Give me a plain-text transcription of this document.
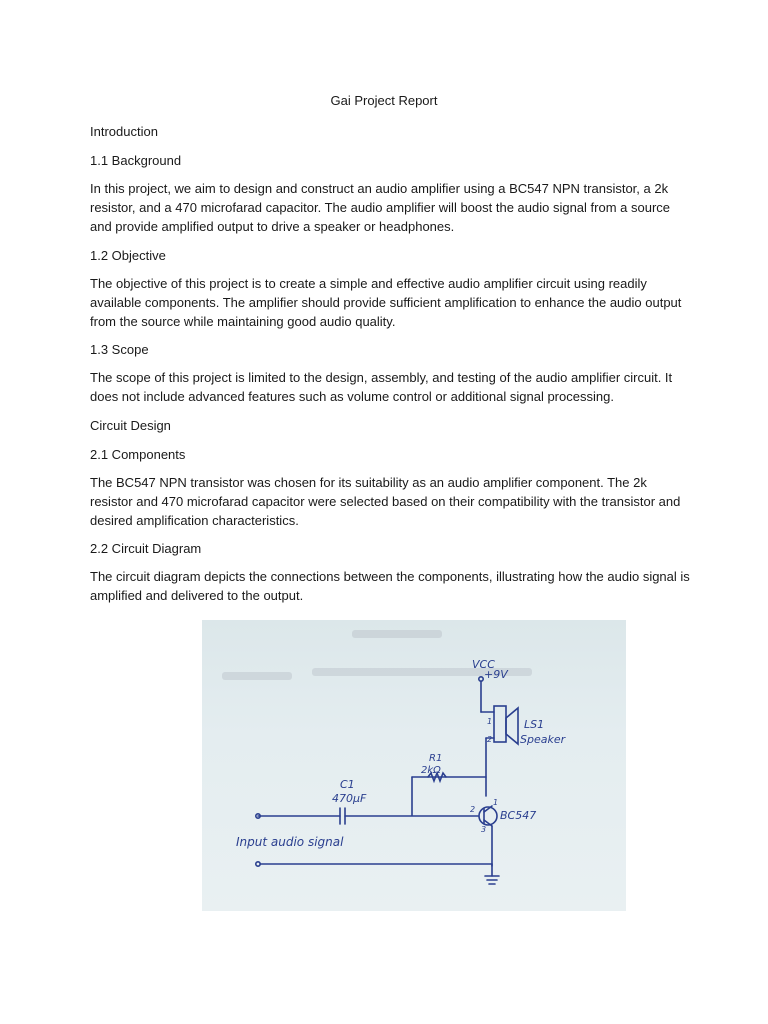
Gai Project Report

Introduction

1.1 Background

In this project, we aim to design and construct an audio amplifier using a BC547 NPN transistor, a 2k resistor, and a 470 microfarad capacitor. The audio amplifier will boost the audio signal from a source and provide amplified output to drive a speaker or headphones.

1.2 Objective

The objective of this project is to create a simple and effective audio amplifier circuit using readily available components. The amplifier should provide sufficient amplification to enhance the audio output from the source while maintaining good audio quality.

1.3 Scope

The scope of this project is limited to the design, assembly, and testing of the audio amplifier circuit. It does not include advanced features such as volume control or additional signal processing.

Circuit Design

2.1 Components

The BC547 NPN transistor was chosen for its suitability as an audio amplifier component. The 2k resistor and 470 microfarad capacitor were selected based on their compatibility with the transistor and desired amplification characteristics.

2.2 Circuit Diagram

The circuit diagram depicts the connections between the components, illustrating how the audio signal is amplified and delivered to the output.

VCC
+9V
LS1
Speaker
R1
2kΩ
C1
470μF
BC547
Input audio signal
1
2
2
1
3
